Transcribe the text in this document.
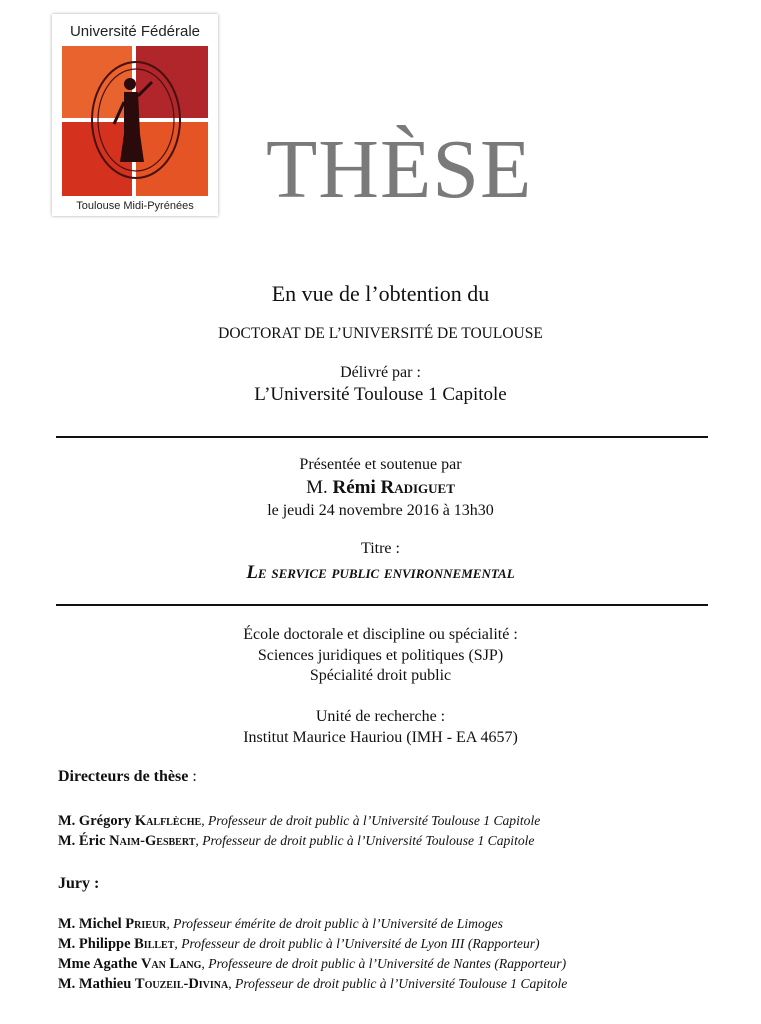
Université Fédérale
Toulouse Midi-Pyrénées THÈSE
En vue de l’obtention du
DOCTORAT DE L’UNIVERSITÉ DE TOULOUSE
Délivré par :
L’Université Toulouse 1 Capitole
Présentée et soutenue par
M. Rémi Radiguet
le jeudi 24 novembre 2016 à 13h30
Titre :
Le service public environnemental
École doctorale et discipline ou spécialité :
Sciences juridiques et politiques (SJP)
Spécialité droit public
Unité de recherche :
Institut Maurice Hauriou (IMH - EA 4657)
Directeurs de thèse :
M. Grégory Kalflèche, Professeur de droit public à l’Université Toulouse 1 Capitole
M. Éric Naim-Gesbert, Professeur de droit public à l’Université Toulouse 1 Capitole
Jury :
M. Michel Prieur, Professeur émérite de droit public à l’Université de Limoges
M. Philippe Billet, Professeur de droit public à l’Université de Lyon III (Rapporteur)
Mme Agathe Van Lang, Professeure de droit public à l’Université de Nantes (Rapporteur)
M. Mathieu Touzeil-Divina, Professeur de droit public à l’Université Toulouse 1 Capitole
